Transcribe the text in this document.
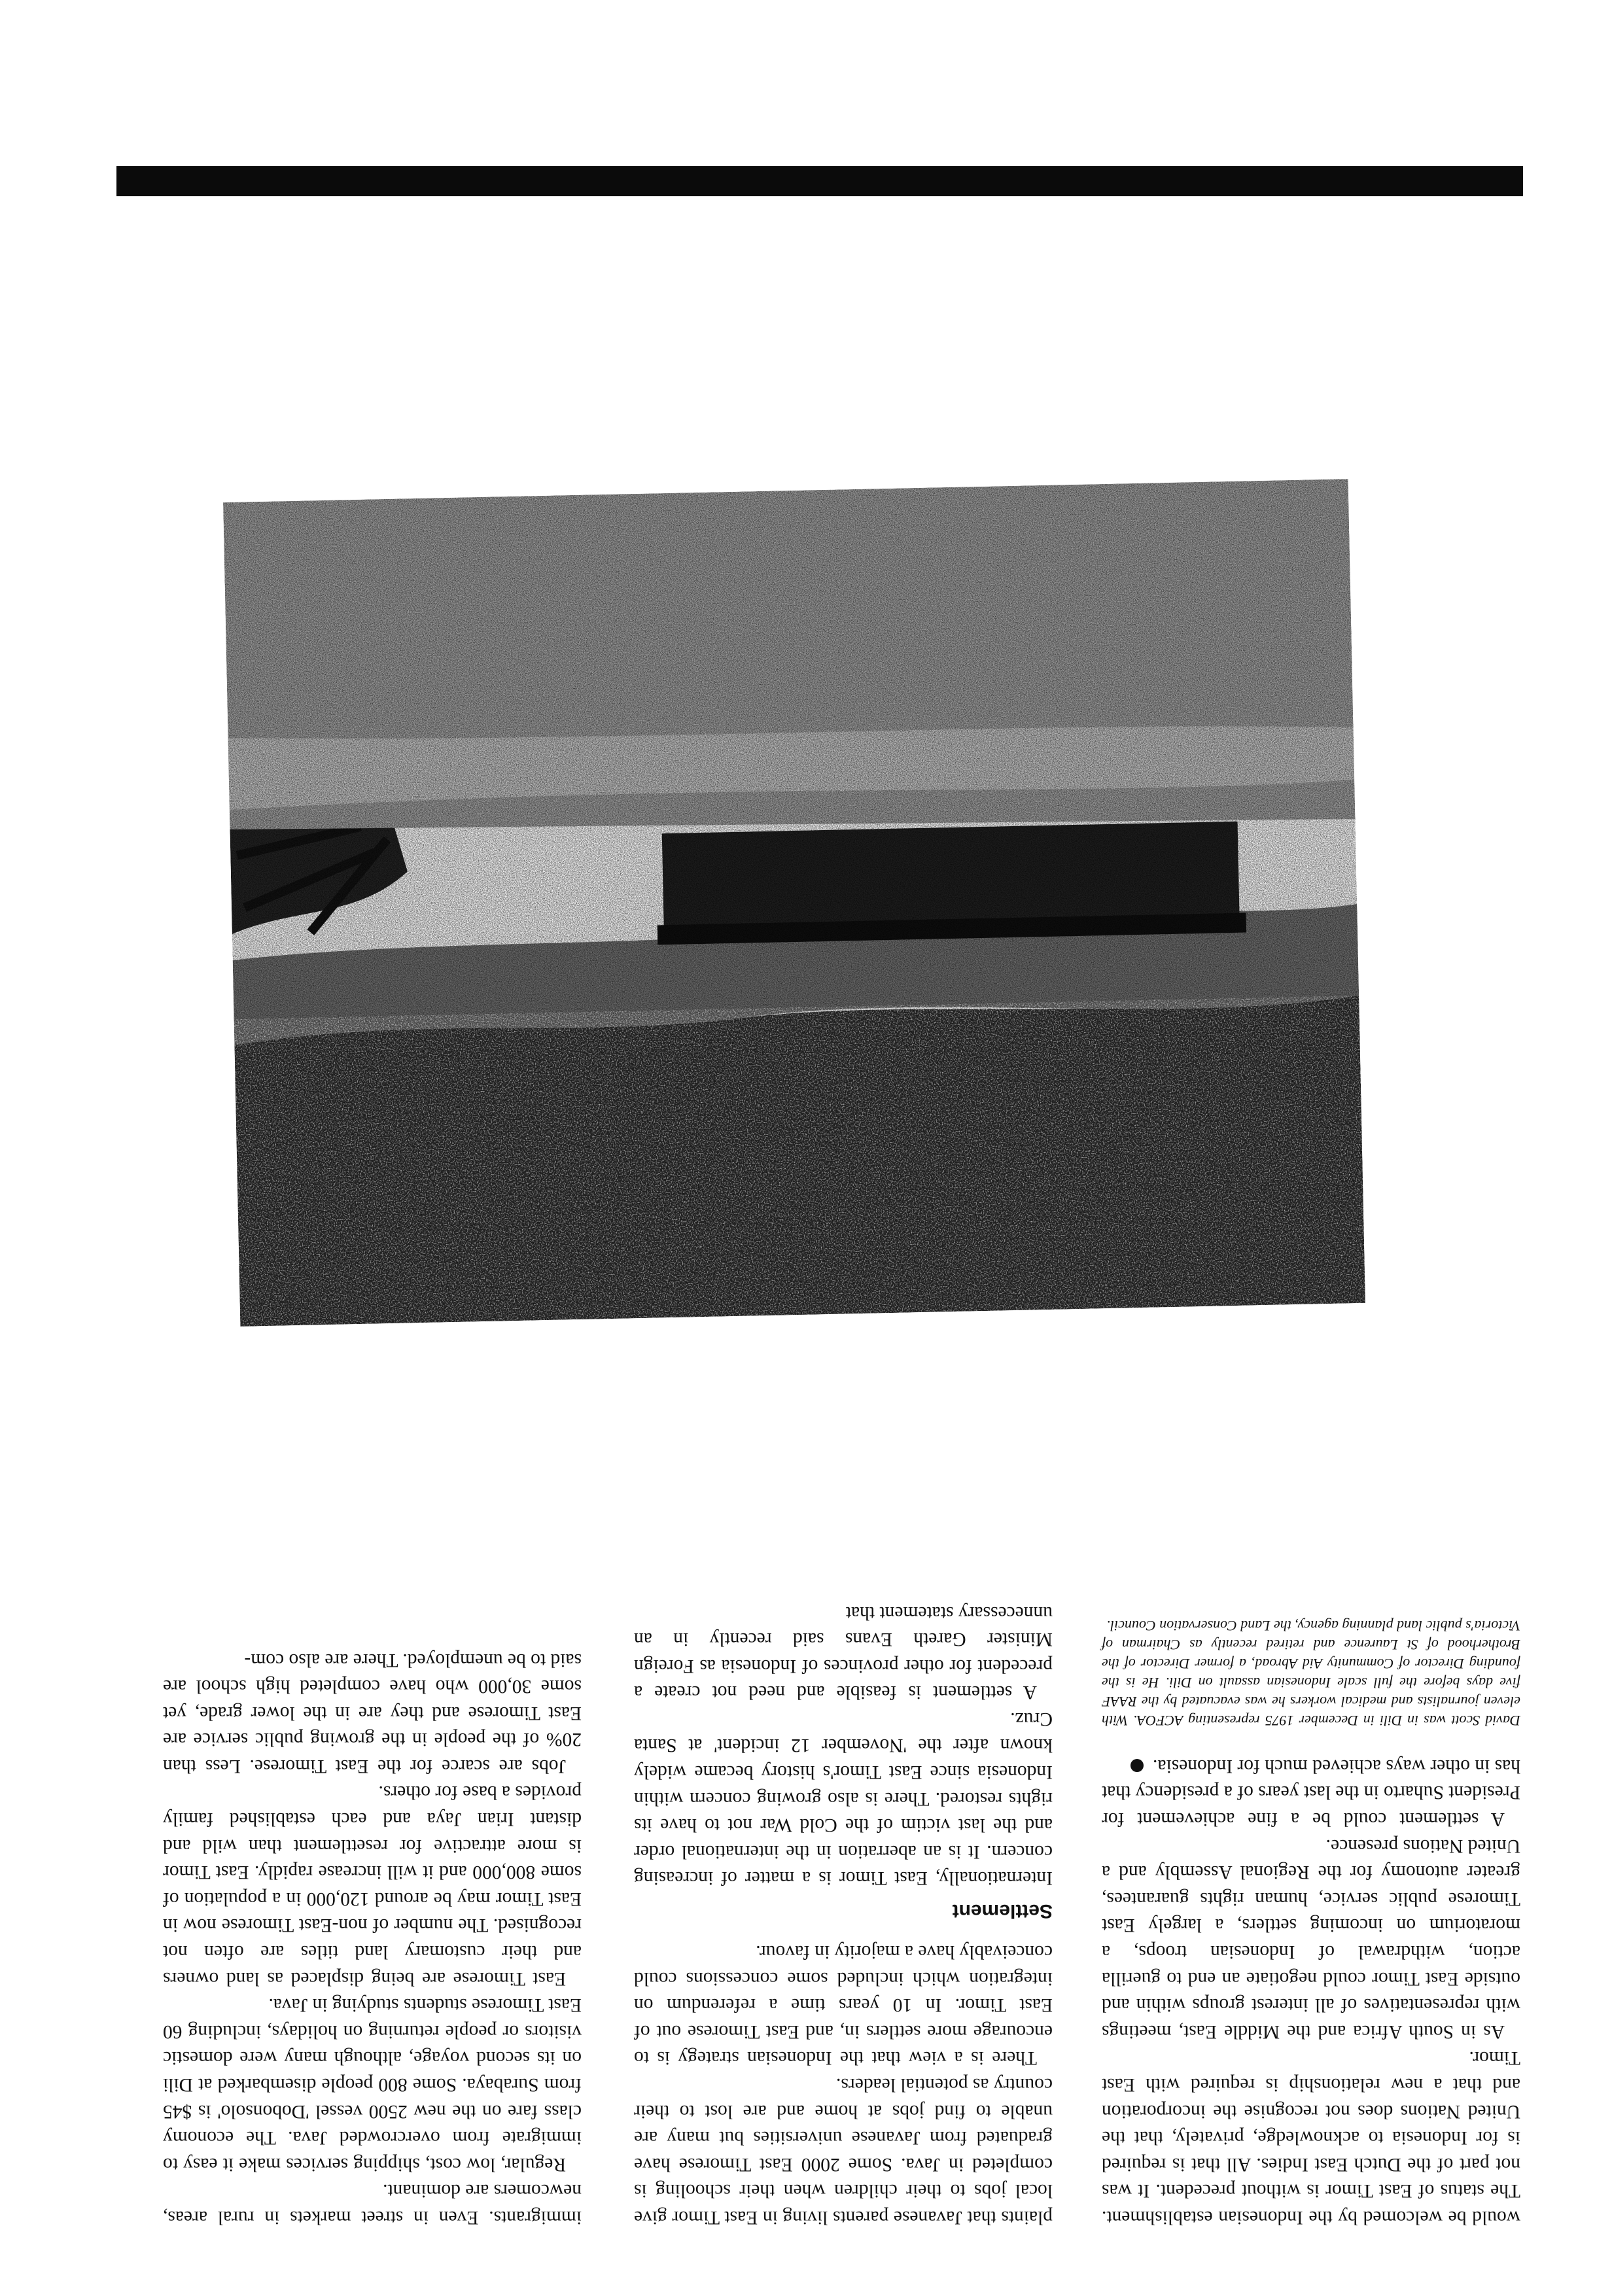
would be welcomed by the Indonesian establishment. The status of East Timor is without precedent. It was not part of the Dutch East Indies. All that is required is for Indonesia to acknowledge, privately, that the United Nations does not recognise the incorporation and that a new relationship is required with East Timor.

As in South Africa and the Middle East, meetings with representatives of all interest groups within and outside East Timor could negotiate an end to guerilla action, withdrawal of Indonesian troops, a moratorium on incoming settlers, a largely East Timorese public service, human rights guarantees, greater autonomy for the Regional Assembly and a United Nations presence.

A settlement could be a fine achievement for President Suharto in the last years of a presidency that has in other ways achieved much for Indonesia.

David Scott was in Dili in December 1975 representing ACFOA. With eleven journalists and medical workers he was evacuated by the RAAF five days before the full scale Indonesian assault on Dili. He is the founding Director of Community Aid Abroad, a former Director of the Brotherhood of St Laurence and retired recently as Chairman of Victoria's public land planning agency, the Land Conservation Council.

plaints that Javanese parents living in East Timor give local jobs to their children when their schooling is completed in Java. Some 2000 East Timorese have graduated from Javanese universities but many are unable to find jobs at home and are lost to their country as potential leaders.

There is a view that the Indonesian strategy is to encourage more settlers in, and East Timorese out of East Timor. In 10 years time a referendum on integration which included some concessions could conceivably have a majority in favour.

Settlement

Internationally, East Timor is a matter of increasing concern. It is an aberration in the international order and the last victim of the Cold War not to have its rights restored. There is also growing concern within Indonesia since East Timor's history became widely known after the 'November 12 incident' at Santa Cruz.

A settlement is feasible and need not create a precedent for other provinces of Indonesia as Foreign Minister Gareth Evans said recently in an unnecessary statement that

immigrants. Even in street markets in rural areas, newcomers are dominant.

Regular, low cost, shipping services make it easy to immigrate from overcrowded Java. The economy class fare on the new 2500 vessel 'Dobonsolo' is $45 from Surabaya. Some 800 people disembarked at Dili on its second voyage, although many were domestic visitors or people returning on holidays, including 60 East Timorese students studying in Java.

East Timorese are being displaced as land owners and their customary land titles are often not recognised. The number of non-East Timorese now in East Timor may be around 120,000 in a population of some 800,000 and it will increase rapidly. East Timor is more attractive for resettlement than wild and distant Irian Jaya and each established family provides a base for others.

Jobs are scarce for the East Timorese. Less than 20% of the people in the growing public service are East Timorese and they are in the lower grade, yet some 30,000 who have completed high school are said to be unemployed. There are also com-
